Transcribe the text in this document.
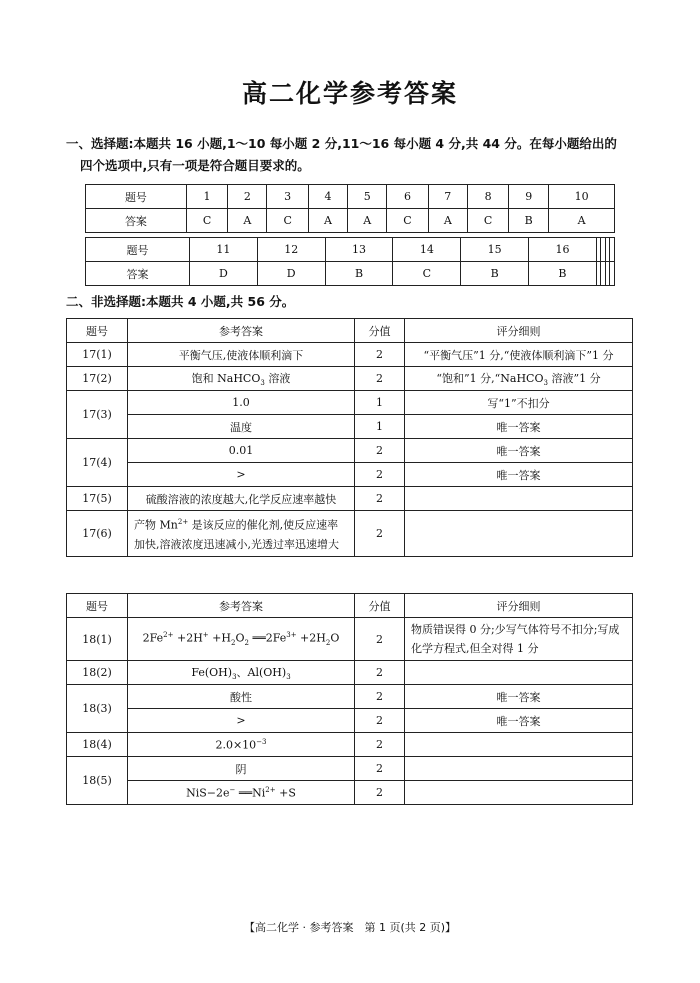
高二化学参考答案
一、选择题:本题共 16 小题,1～10 每小题 2 分,11～16 每小题 4 分,共 44 分。在每小题给出的
四个选项中,只有一项是符合题目要求的。
题号	1	2	3	4	5	6	7	8	9	10
答案	C	A	C	A	A	C	A	C	B	A
题号	11	12	13	14	15	16				
答案	D	D	B	C	B	B				
二、非选择题:本题共 4 小题,共 56 分。
题号	参考答案	分值	评分细则
17(1)	平衡气压,使液体顺利滴下	2	“平衡气压”1 分,“使液体顺利滴下”1 分
17(2)	饱和 NaHCO$_3$ 溶液	2	“饱和”1 分,“NaHCO$_3$ 溶液”1 分
17(3)	1.0	1	写“1”不扣分
	温度	1	唯一答案
17(4)	0.01	2	唯一答案
	>	2	唯一答案
17(5)	硫酸溶液的浓度越大,化学反应速率越快	2	
17(6)	产物 $Mn^{2+}$ 是该反应的催化剂,使反应速率加快,溶液浓度迅速减小,光透过率迅速增大	2	
题号	参考答案	分值	评分细则
18(1)	$2Fe^{2+} +2H^+ +H_2O_2$ $══2Fe^{3+} +2H_2O$	2	物质错误得 0 分;少写气体符号不扣分;写成化学方程式,但全对得 1 分
18(2)	$Fe(OH)_3$、$Al(OH)_3$	2	
18(3)	酸性	2	唯一答案
	>	2	唯一答案
18(4)	$2.0\times 10^{-3}$	2	
18(5)	阴	2	
	NiS−2e− $══Ni^{2+} +S$	2	
【高二化学 · 参考答案　第 1 页(共 2 页)】
